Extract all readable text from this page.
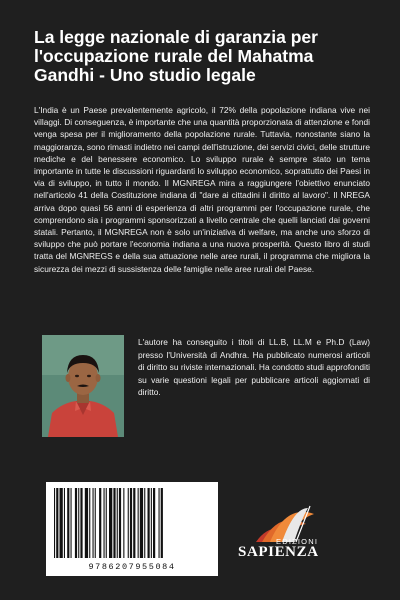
La legge nazionale di garanzia per l'occupazione rurale del Mahatma Gandhi - Uno studio legale

L'India è un Paese prevalentemente agricolo, il 72% della popolazione indiana vive nei villaggi. Di conseguenza, è importante che una quantità proporzionata di attenzione e fondi venga spesa per il miglioramento della popolazione rurale. Tuttavia, nonostante siano la maggioranza, sono rimasti indietro nei campi dell'istruzione, dei servizi civici, delle strutture mediche e del benessere economico. Lo sviluppo rurale è sempre stato un tema importante in tutte le discussioni riguardanti lo sviluppo economico, soprattutto dei Paesi in via di sviluppo, in tutto il mondo. Il MGNREGA mira a raggiungere l'obiettivo enunciato nell'articolo 41 della Costituzione indiana di "dare ai cittadini il diritto al lavoro". Il NREGA arriva dopo quasi 56 anni di esperienza di altri programmi per l'occupazione rurale, che comprendono sia i programmi sponsorizzati a livello centrale che quelli lanciati dai governi statali. Pertanto, il MGNREGA non è solo un'iniziativa di welfare, ma anche uno sforzo di sviluppo che può portare l'economia indiana a una nuova prosperità. Questo libro di studi tratta del MGNREGS e della sua attuazione nelle aree rurali, il programma che migliora la sicurezza dei mezzi di sussistenza delle famiglie nelle aree rurali del Paese.

L'autore ha conseguito i titoli di LL.B, LL.M e Ph.D (Law) presso l'Università di Andhra. Ha pubblicato numerosi articoli di diritto su riviste internazionali. Ha condotto studi approfonditi su varie questioni legali per pubblicare articoli aggiornati di diritto.

9786207955084
EDIZIONI
SAPIENZA
